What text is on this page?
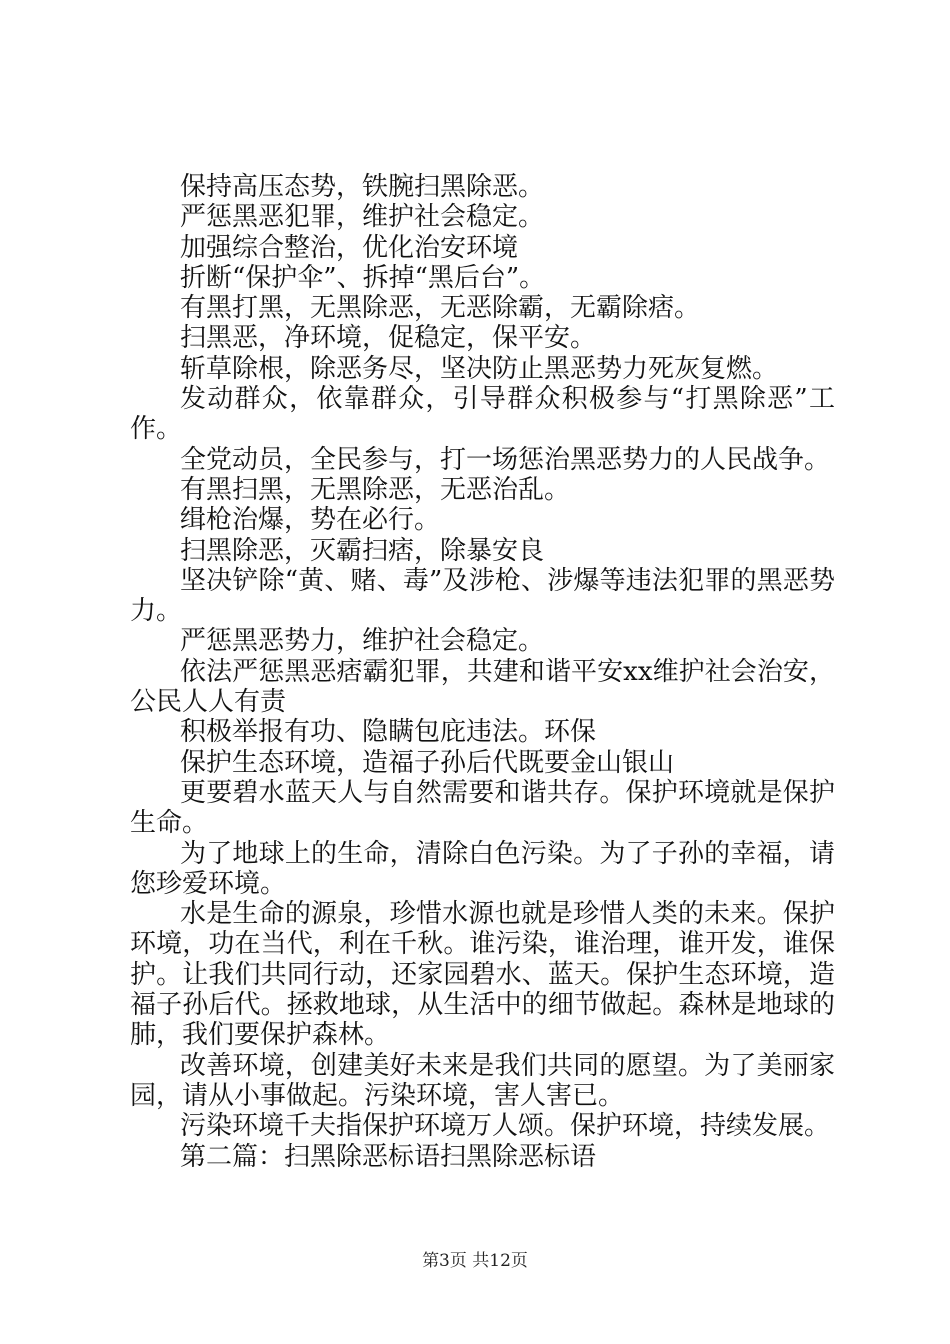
保持高压态势，铁腕扫黑除恶。

严惩黑恶犯罪，维护社会稳定。

加强综合整治，优化治安环境

折断“保护伞”、拆掉“黑后台”。

有黑打黑，无黑除恶，无恶除霸，无霸除痞。

扫黑恶，净环境，促稳定，保平安。

斩草除根，除恶务尽，坚决防止黑恶势力死灰复燃。

发动群众，依靠群众，引导群众积极参与“打黑除恶”工作。

全党动员，全民参与，打一场惩治黑恶势力的人民战争。

有黑扫黑，无黑除恶，无恶治乱。

缉枪治爆，势在必行。

扫黑除恶，灭霸扫痞，除暴安良

坚决铲除“黄、赌、毒”及涉枪、涉爆等违法犯罪的黑恶势力。

严惩黑恶势力，维护社会稳定。

依法严惩黑恶痞霸犯罪，共建和谐平安xx维护社会治安，公民人人有责

积极举报有功、隐瞒包庇违法。环保

保护生态环境，造福子孙后代既要金山银山

更要碧水蓝天人与自然需要和谐共存。保护环境就是保护生命。

为了地球上的生命，清除白色污染。为了子孙的幸福，请您珍爱环境。

水是生命的源泉，珍惜水源也就是珍惜人类的未来。保护环境，功在当代，利在千秋。谁污染，谁治理，谁开发，谁保护。让我们共同行动，还家园碧水、蓝天。保护生态环境，造福子孙后代。拯救地球，从生活中的细节做起。森林是地球的肺，我们要保护森林。

改善环境，创建美好未来是我们共同的愿望。为了美丽家园，请从小事做起。污染环境，害人害已。

污染环境千夫指保护环境万人颂。保护环境，持续发展。

第二篇：扫黑除恶标语扫黑除恶标语

第3页 共12页
